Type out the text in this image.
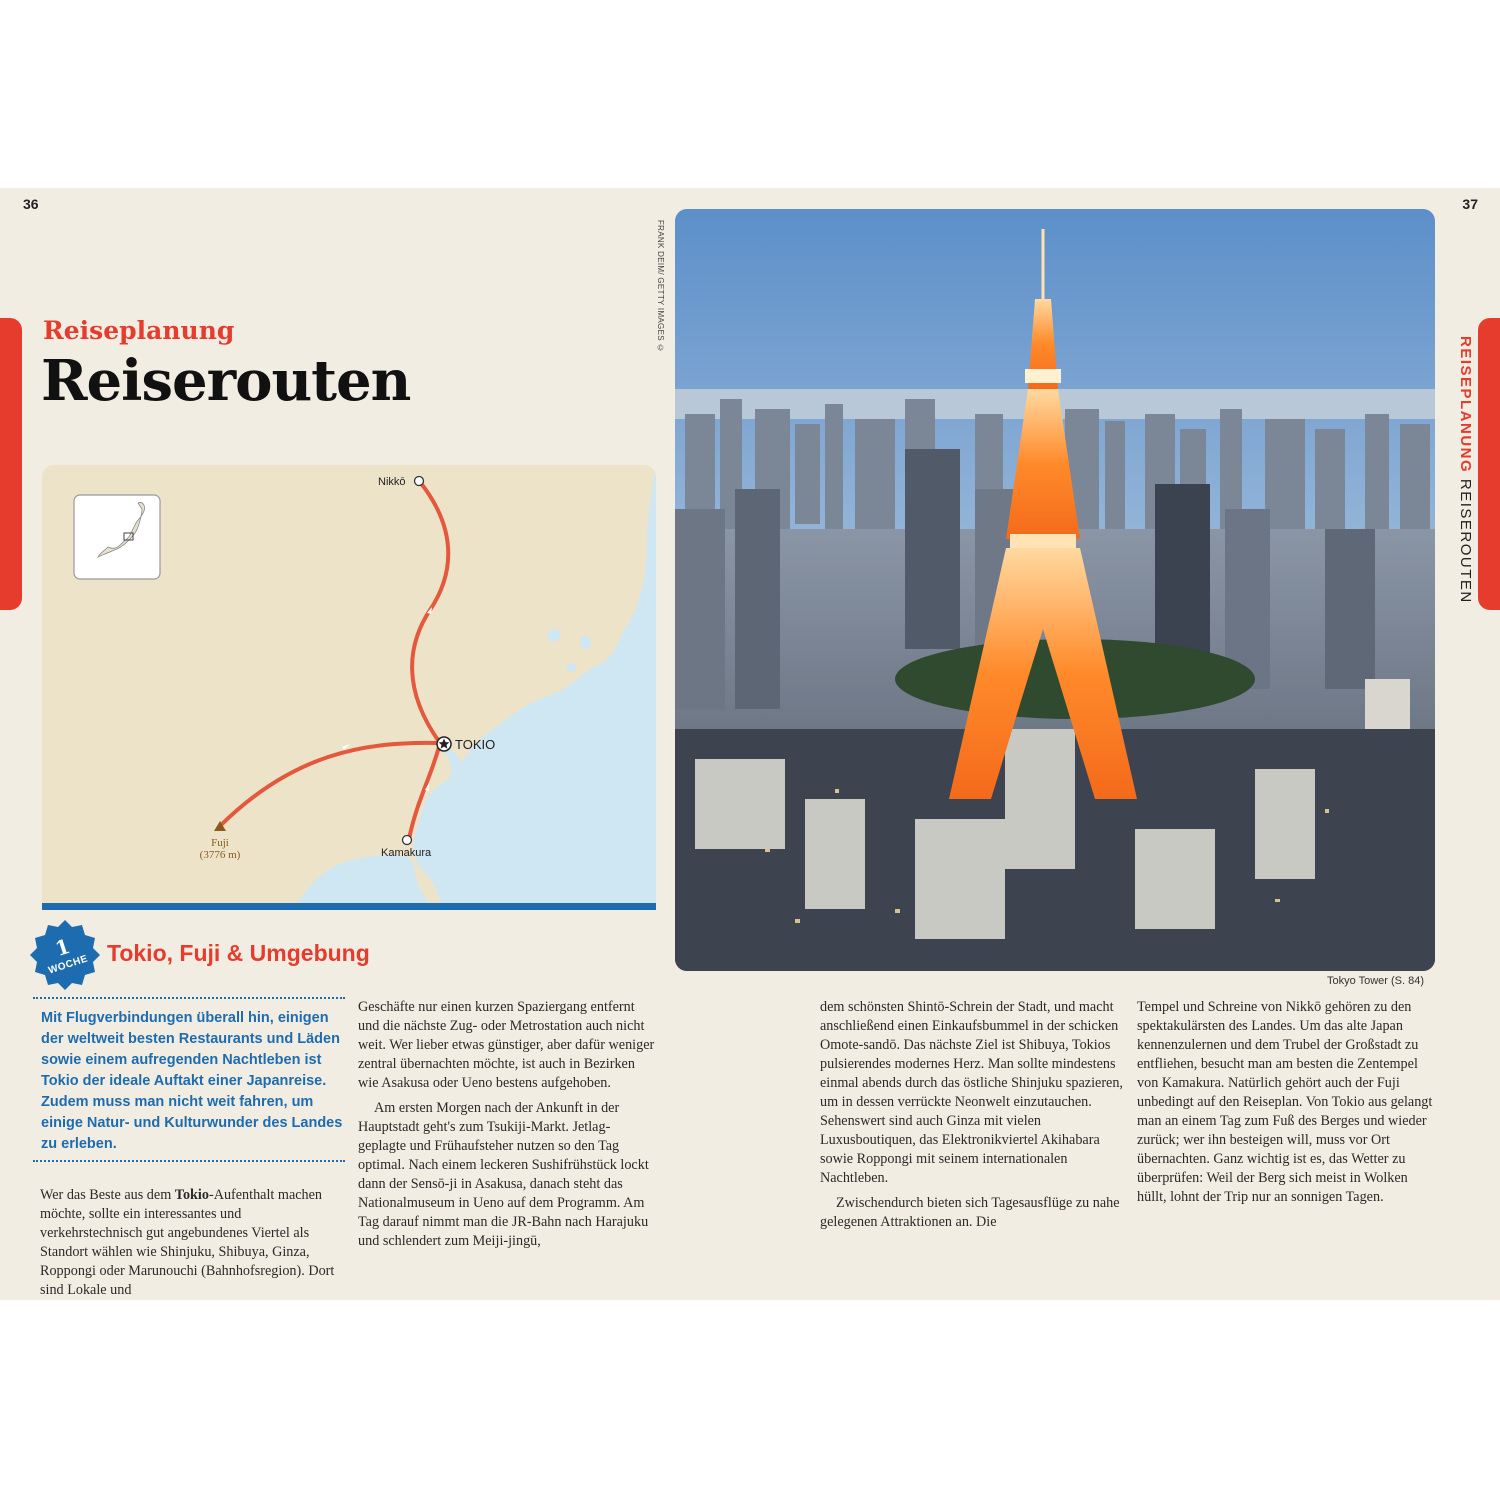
36	37
REISEPLANUNG REISEROUTEN
Reiseplanung
Reiserouten
Nikkō
TOKIO
Kamakura
Fuji
(3776 m)
FRANK DEIM/ GETTY IMAGES ©
Tokyo Tower (S. 84)
1
WOCHE Tokio, Fuji & Umgebung
Mit Flugverbindungen überall hin, einigen der weltweit besten Restaurants und Läden sowie einem aufregenden Nachtleben ist Tokio der ideale Auftakt einer Japanreise. Zudem muss man nicht weit fahren, um einige Natur- und Kulturwunder des Landes zu erleben.

Wer das Beste aus dem Tokio-Aufenthalt machen möchte, sollte ein interessantes und verkehrstechnisch gut angebundenes Viertel als Standort wählen wie Shinjuku, Shibuya, Ginza, Roppongi oder Marunouchi (Bahnhofsregion). Dort sind Lokale und

Geschäfte nur einen kurzen Spaziergang entfernt und die nächste Zug- oder Metrostation auch nicht weit. Wer lieber etwas günstiger, aber dafür weniger zentral übernachten möchte, ist auch in Bezirken wie Asakusa oder Ueno bestens aufgehoben.

Am ersten Morgen nach der Ankunft in der Hauptstadt geht's zum Tsukiji-Markt. Jetlag-geplagte und Frühaufsteher nutzen so den Tag optimal. Nach einem leckeren Sushifrühstück lockt dann der Sensō-ji in Asakusa, danach steht das Nationalmuseum in Ueno auf dem Programm. Am Tag darauf nimmt man die JR-Bahn nach Harajuku und schlendert zum Meiji-jingū,

dem schönsten Shintō-Schrein der Stadt, und macht anschließend einen Einkaufsbummel in der schicken Omote-sandō. Das nächste Ziel ist Shibuya, Tokios pulsierendes modernes Herz. Man sollte mindestens einmal abends durch das östliche Shinjuku spazieren, um in dessen verrückte Neonwelt einzutauchen. Sehenswert sind auch Ginza mit vielen Luxusboutiquen, das Elektronikviertel Akihabara sowie Roppongi mit seinem internationalen Nachtleben.

Zwischendurch bieten sich Tagesausflüge zu nahe gelegenen Attraktionen an. Die

Tempel und Schreine von Nikkō gehören zu den spektakulärsten des Landes. Um das alte Japan kennenzulernen und dem Trubel der Großstadt zu entfliehen, besucht man am besten die Zentempel von Kamakura. Natürlich gehört auch der Fuji unbedingt auf den Reiseplan. Von Tokio aus gelangt man an einem Tag zum Fuß des Berges und wieder zurück; wer ihn besteigen will, muss vor Ort übernachten. Ganz wichtig ist es, das Wetter zu überprüfen: Weil der Berg sich meist in Wolken hüllt, lohnt der Trip nur an sonnigen Tagen.
